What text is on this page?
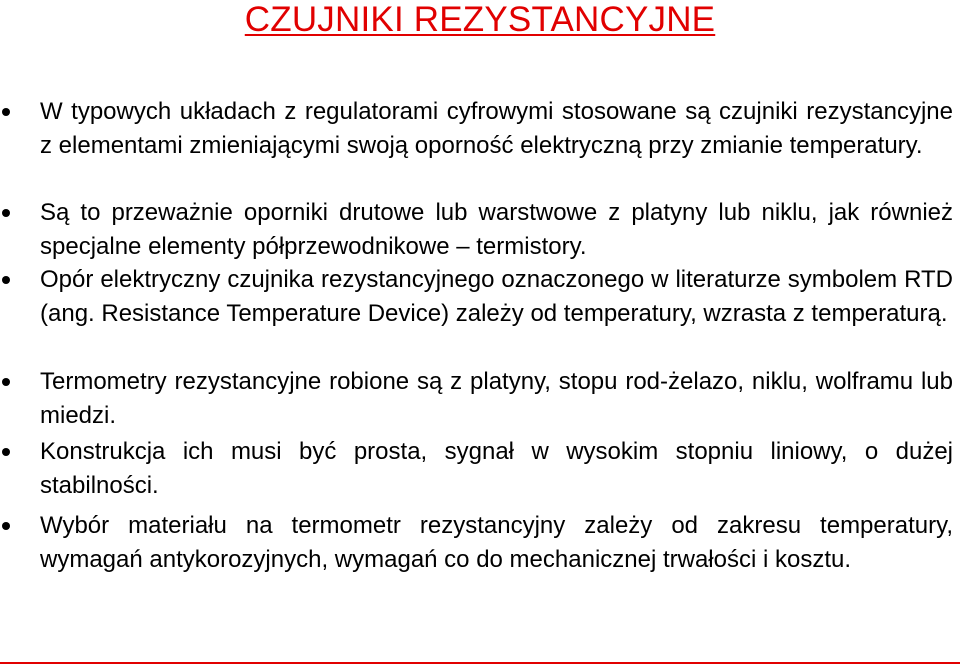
CZUJNIKI REZYSTANCYJNE
W typowych układach z regulatorami cyfrowymi stosowane są czujniki rezystancyjne z elementami zmieniającymi swoją oporność elektryczną przy zmianie temperatury.
Są to przeważnie oporniki drutowe lub warstwowe z platyny lub niklu, jak również specjalne elementy półprzewodnikowe – termistory.
Opór elektryczny czujnika rezystancyjnego oznaczonego w literaturze symbolem RTD (ang. Resistance Temperature Device) zależy od temperatury, wzrasta z temperaturą.
Termometry rezystancyjne robione są z platyny, stopu rod-żelazo, niklu, wolframu lub miedzi.
Konstrukcja ich musi być prosta, sygnał w wysokim stopniu liniowy, o dużej stabilności.
Wybór materiału na termometr rezystancyjny zależy od zakresu temperatury, wymagań antykorozyjnych, wymagań co do mechanicznej trwałości i kosztu.
